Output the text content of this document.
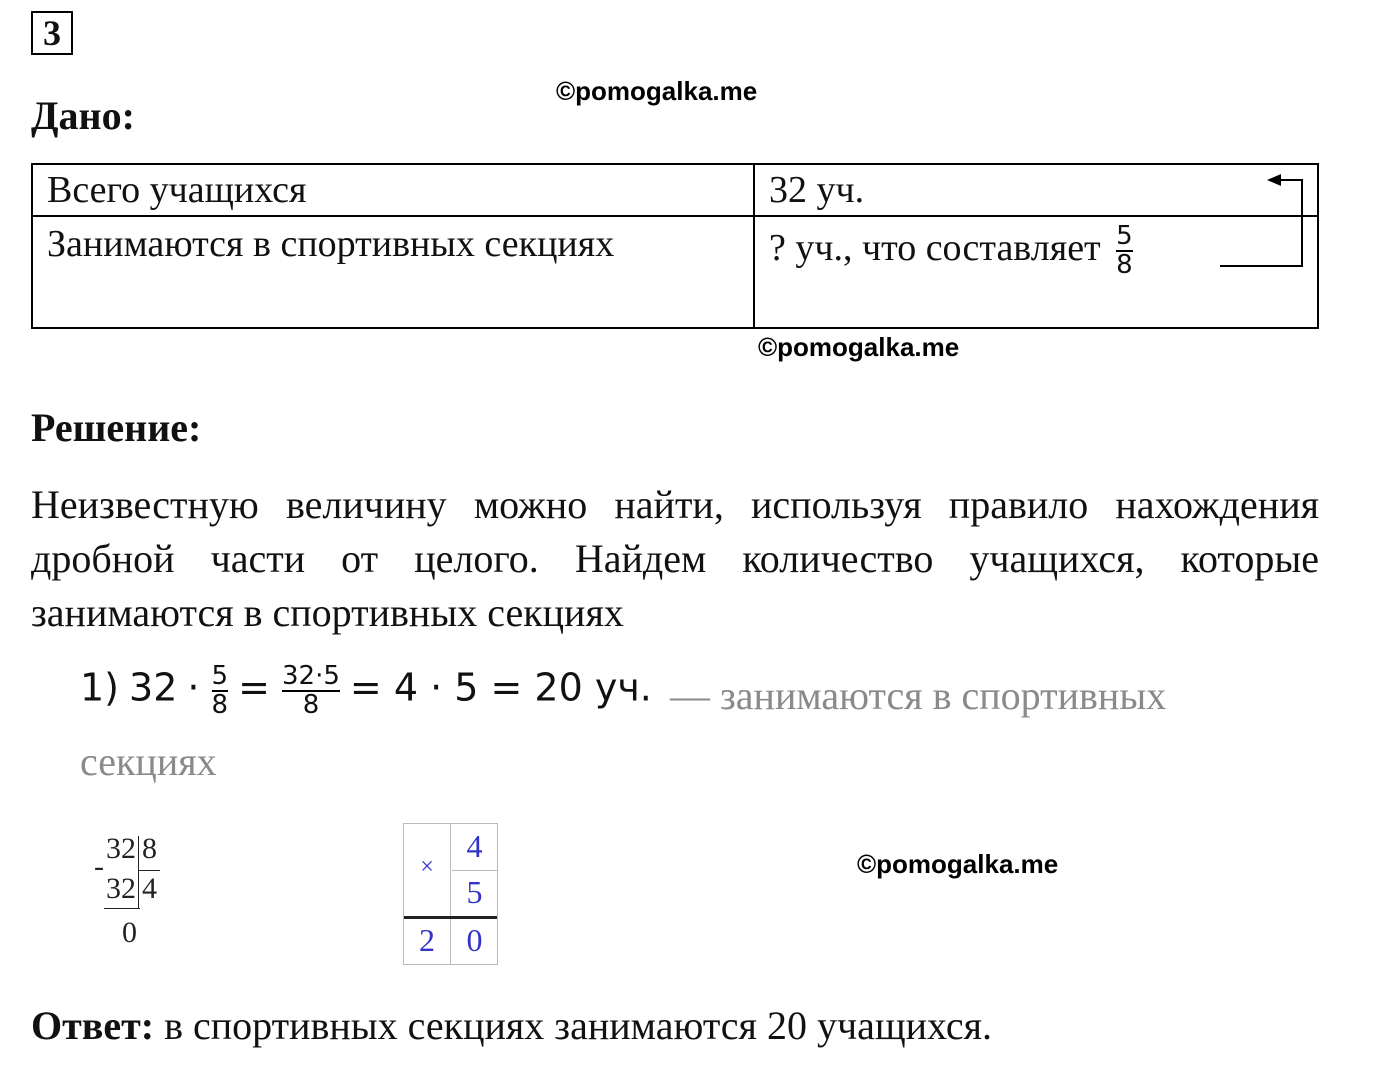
3
Дано:
©pomogalka.me
Всего учащихся	32 уч.
Занимаются в спортивных секциях	? уч., что составляет $\frac{5}{8}$
©pomogalka.me
Решение:
Неизвестную величину можно найти, используя правило нахождения дробной части от целого. Найдем количество учащихся, которые занимаются в спортивных секциях
1) $32 \cdot \frac{5}{8} = \frac{32\cdot 5}{8} = 4 \cdot 5 = 20$ уч. — занимаются в спортивных секциях
32 8
-
32 4
0
×
4
5
2 0
©pomogalka.me
Ответ: в спортивных секциях занимаются 20 учащихся.
